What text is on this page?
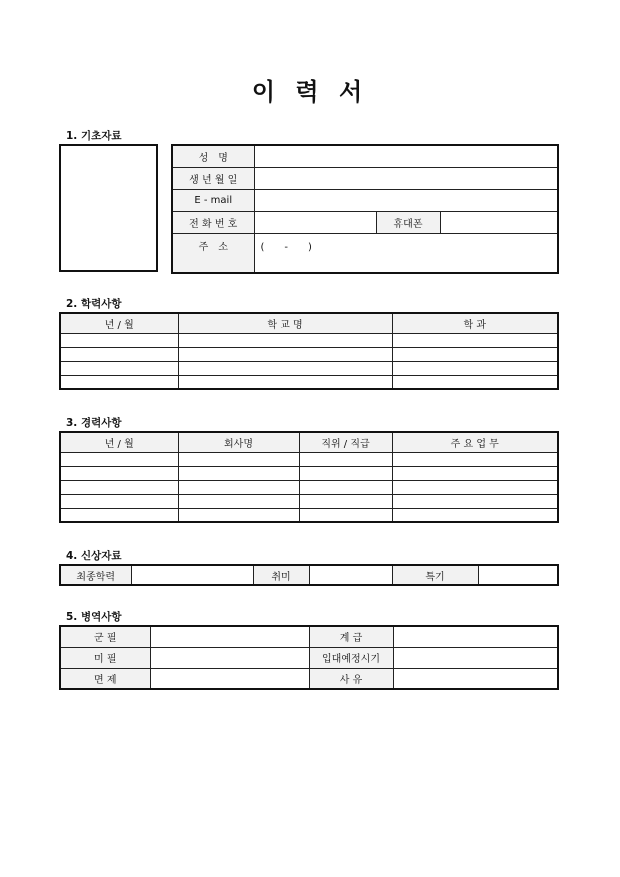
이 력 서
1. 기초자료
성　명			
생 년 월 일			
E - mail			
전 화 번 호		휴대폰	
주　소	(　　-　　)		
2. 학력사항
년 / 월	학 교 명	학 과

3. 경력사항
년 / 월	회사명	직위 / 직급	주 요 업 무

4. 신상자료
최종학력		취미		특기	
5. 병역사항
군 필		계 급	
미 필		입대예정시기	
면 제		사 유	
